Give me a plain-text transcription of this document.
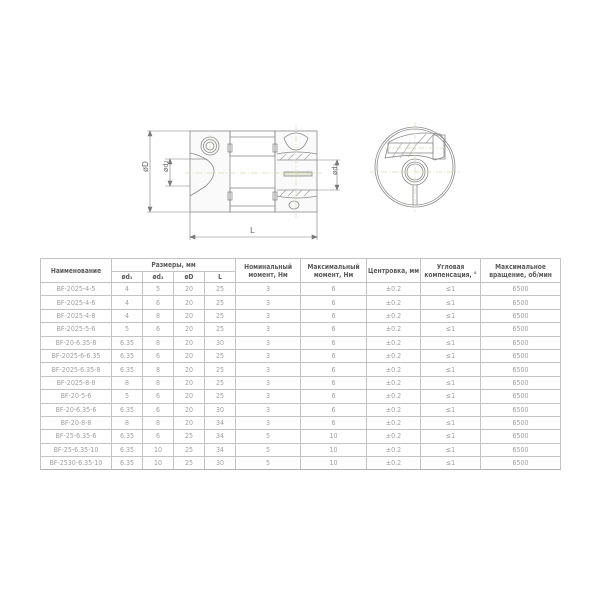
øD ød₂	ød₁
L
Наименование	Размеры, мм				Номинальный момент, Нм	Максимальный момент, Нм	Центровка, мм	Угловая компенсация, °	Максимальное вращение, об/мин
	ød₁	ød₂	øD	L					
BF-2025-4-5	4	5	20	25	3	6	±0.2	≤1	6500
BF-2025-4-6	4	6	20	25	3	6	±0.2	≤1	6500
BF-2025-4-8	4	8	20	25	3	6	±0.2	≤1	6500
BF-2025-5-6	5	6	20	25	3	6	±0.2	≤1	6500
BF-20-6.35-8	6.35	8	20	30	3	6	±0.2	≤1	6500
BF-2025-6-6.35	6.35	6	20	25	3	6	±0.2	≤1	6500
BF-2025-6.35-8	6.35	8	20	25	3	6	±0.2	≤1	6500
BF-2025-8-8	8	8	20	25	3	6	±0.2	≤1	6500
BF-20-5-6	5	6	20	25	3	6	±0.2	≤1	6500
BF-20-6.35-6	6.35	6	20	30	3	6	±0.2	≤1	6500
BF-20-8-8	8	8	20	34	3	6	±0.2	≤1	6500
BF-25-6.35-6	6.35	6	25	34	5	10	±0.2	≤1	6500
BF-25-6.35-10	6.35	10	25	34	5	10	±0.2	≤1	6500
BF-2530-6.35-10	6.35	10	25	30	5	10	±0.2	≤1	6500
